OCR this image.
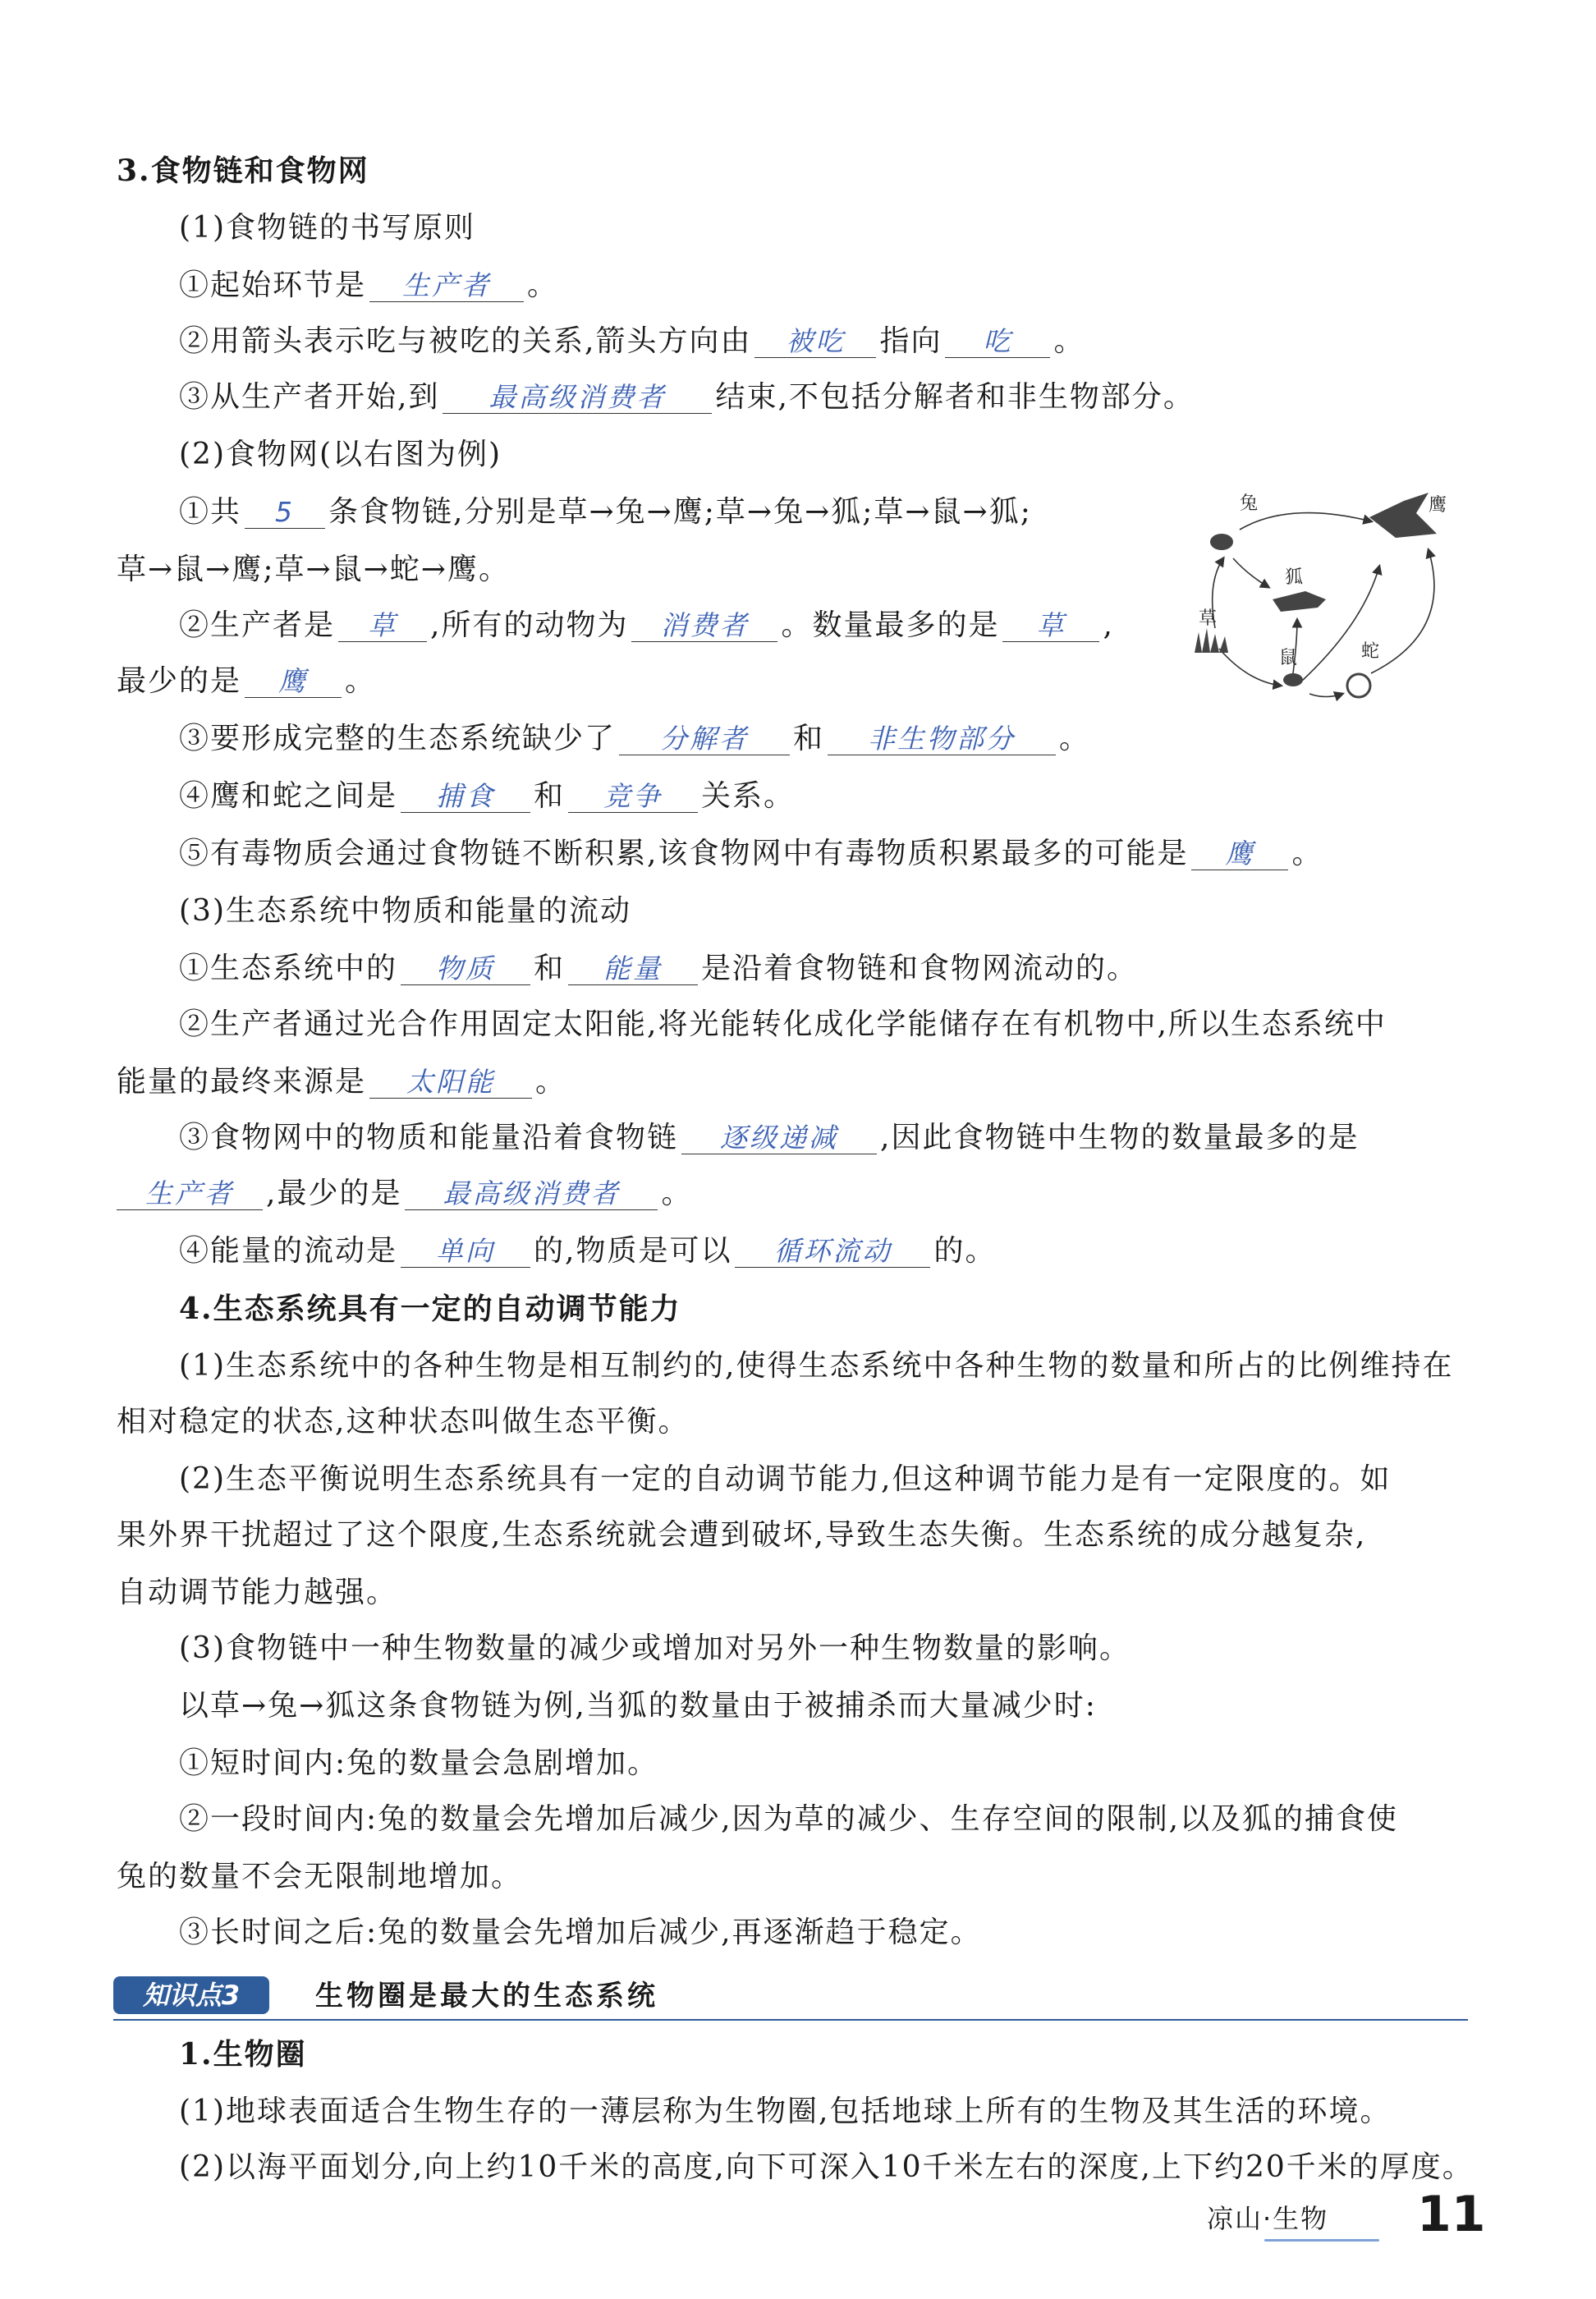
3.食物链和食物网
(1)食物链的书写原则
①起始环节是 生产者 。
②用箭头表示吃与被吃的关系,箭头方向由 被吃 指向 吃 。
③从生产者开始,到 最高级消费者 结束,不包括分解者和非生物部分。
(2)食物网(以右图为例)
①共 5 条食物链,分别是草→兔→鹰;草→兔→狐;草→鼠→狐;
草→鼠→鹰;草→鼠→蛇→鹰。
②生产者是 草 ,所有的动物为 消费者 。数量最多的是 草 ,
最少的是 鹰 。
③要形成完整的生态系统缺少了 分解者 和 非生物部分 。
④鹰和蛇之间是 捕食 和 竞争 关系。
⑤有毒物质会通过食物链不断积累,该食物网中有毒物质积累最多的可能是 鹰 。
(3)生态系统中物质和能量的流动
①生态系统中的 物质 和 能量 是沿着食物链和食物网流动的。
②生产者通过光合作用固定太阳能,将光能转化成化学能储存在有机物中,所以生态系统中
能量的最终来源是 太阳能 。
③食物网中的物质和能量沿着食物链 逐级递减 ,因此食物链中生物的数量最多的是
生产者 ,最少的是 最高级消费者 。
④能量的流动是 单向 的,物质是可以 循环流动 的。
4.生态系统具有一定的自动调节能力
(1)生态系统中的各种生物是相互制约的,使得生态系统中各种生物的数量和所占的比例维持在
相对稳定的状态,这种状态叫做生态平衡。
(2)生态平衡说明生态系统具有一定的自动调节能力,但这种调节能力是有一定限度的。如
果外界干扰超过了这个限度,生态系统就会遭到破坏,导致生态失衡。生态系统的成分越复杂,
自动调节能力越强。
(3)食物链中一种生物数量的减少或增加对另外一种生物数量的影响。
以草→兔→狐这条食物链为例,当狐的数量由于被捕杀而大量减少时:
①短时间内:兔的数量会急剧增加。
②一段时间内:兔的数量会先增加后减少,因为草的减少、生存空间的限制,以及狐的捕食使
兔的数量不会无限制地增加。
③长时间之后:兔的数量会先增加后减少,再逐渐趋于稳定。
知识点3	生物圈是最大的生态系统
1.生物圈
(1)地球表面适合生物生存的一薄层称为生物圈,包括地球上所有的生物及其生活的环境。
(2)以海平面划分,向上约10千米的高度,向下可深入10千米左右的深度,上下约20千米的厚度。
兔	鹰
狐
草
鼠	蛇
凉山·生物 11
